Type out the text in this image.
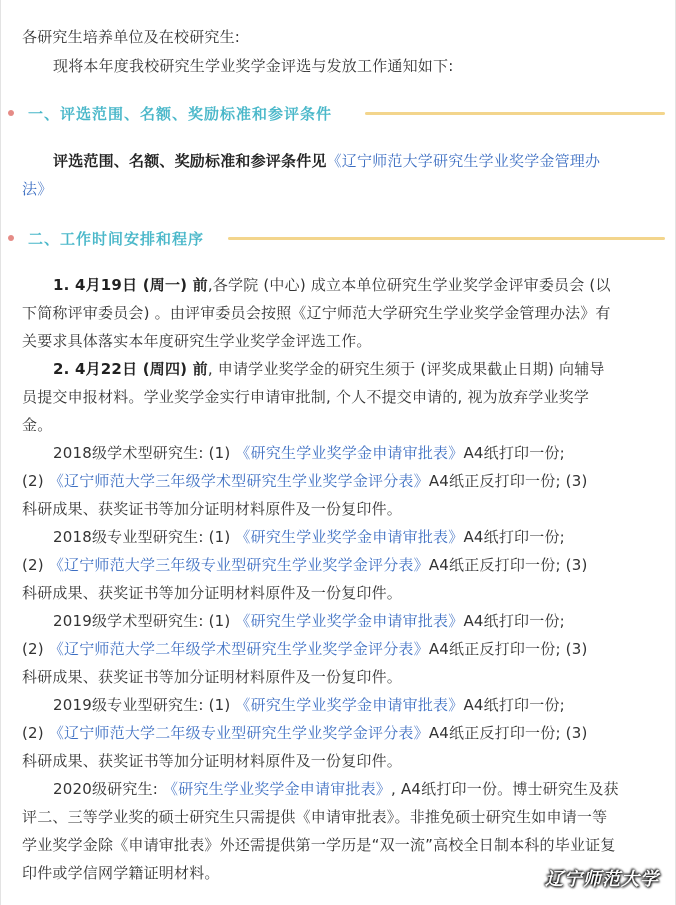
各研究生培养单位及在校研究生:
现将本年度我校研究生学业奖学金评选与发放工作通知如下:
一、评选范围、名额、奖励标准和参评条件
评选范围、名额、奖励标准和参评条件见《辽宁师范大学研究生学业奖学金管理办
法》
二、工作时间安排和程序
1. 4月19日 (周一) 前,各学院 (中心) 成立本单位研究生学业奖学金评审委员会 (以
下简称评审委员会) 。由评审委员会按照《辽宁师范大学研究生学业奖学金管理办法》有
关要求具体落实本年度研究生学业奖学金评选工作。
2. 4月22日 (周四) 前, 申请学业奖学金的研究生须于 (评奖成果截止日期) 向辅导
员提交申报材料。学业奖学金实行申请审批制, 个人不提交申请的, 视为放弃学业奖学
金。
2018级学术型研究生: (1) 《研究生学业奖学金申请审批表》A4纸打印一份;
(2) 《辽宁师范大学三年级学术型研究生学业奖学金评分表》A4纸正反打印一份; (3)
科研成果、获奖证书等加分证明材料原件及一份复印件。
2018级专业型研究生: (1) 《研究生学业奖学金申请审批表》A4纸打印一份;
(2) 《辽宁师范大学三年级专业型研究生学业奖学金评分表》A4纸正反打印一份; (3)
科研成果、获奖证书等加分证明材料原件及一份复印件。
2019级学术型研究生: (1) 《研究生学业奖学金申请审批表》A4纸打印一份;
(2) 《辽宁师范大学二年级学术型研究生学业奖学金评分表》A4纸正反打印一份; (3)
科研成果、获奖证书等加分证明材料原件及一份复印件。
2019级专业型研究生: (1) 《研究生学业奖学金申请审批表》A4纸打印一份;
(2) 《辽宁师范大学二年级专业型研究生学业奖学金评分表》A4纸正反打印一份; (3)
科研成果、获奖证书等加分证明材料原件及一份复印件。
2020级研究生: 《研究生学业奖学金申请审批表》, A4纸打印一份。博士研究生及获
评二、三等学业奖的硕士研究生只需提供《申请审批表》。非推免硕士研究生如申请一等
学业奖学金除《申请审批表》外还需提供第一学历是“双一流”高校全日制本科的毕业证复
印件或学信网学籍证明材料。	辽宁师范大学
